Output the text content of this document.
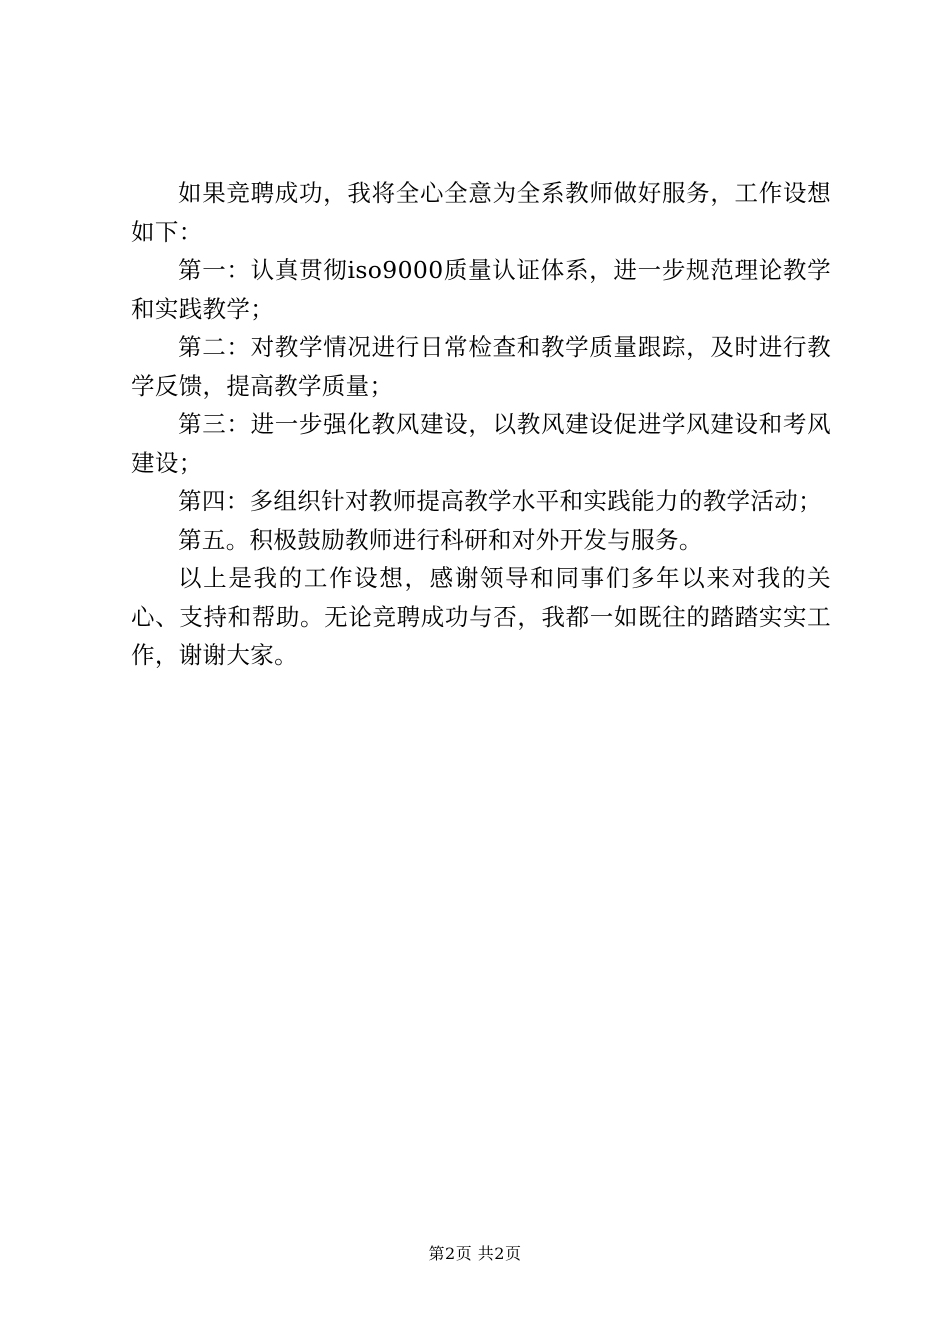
如果竞聘成功，我将全心全意为全系教师做好服务，工作设想如下：

第一：认真贯彻iso9000质量认证体系，进一步规范理论教学和实践教学；

第二：对教学情况进行日常检查和教学质量跟踪，及时进行教学反馈，提高教学质量；

第三：进一步强化教风建设，以教风建设促进学风建设和考风建设；

第四：多组织针对教师提高教学水平和实践能力的教学活动；

第五。积极鼓励教师进行科研和对外开发与服务。

以上是我的工作设想，感谢领导和同事们多年以来对我的关心、支持和帮助。无论竞聘成功与否，我都一如既往的踏踏实实工作，谢谢大家。

第2页 共2页
